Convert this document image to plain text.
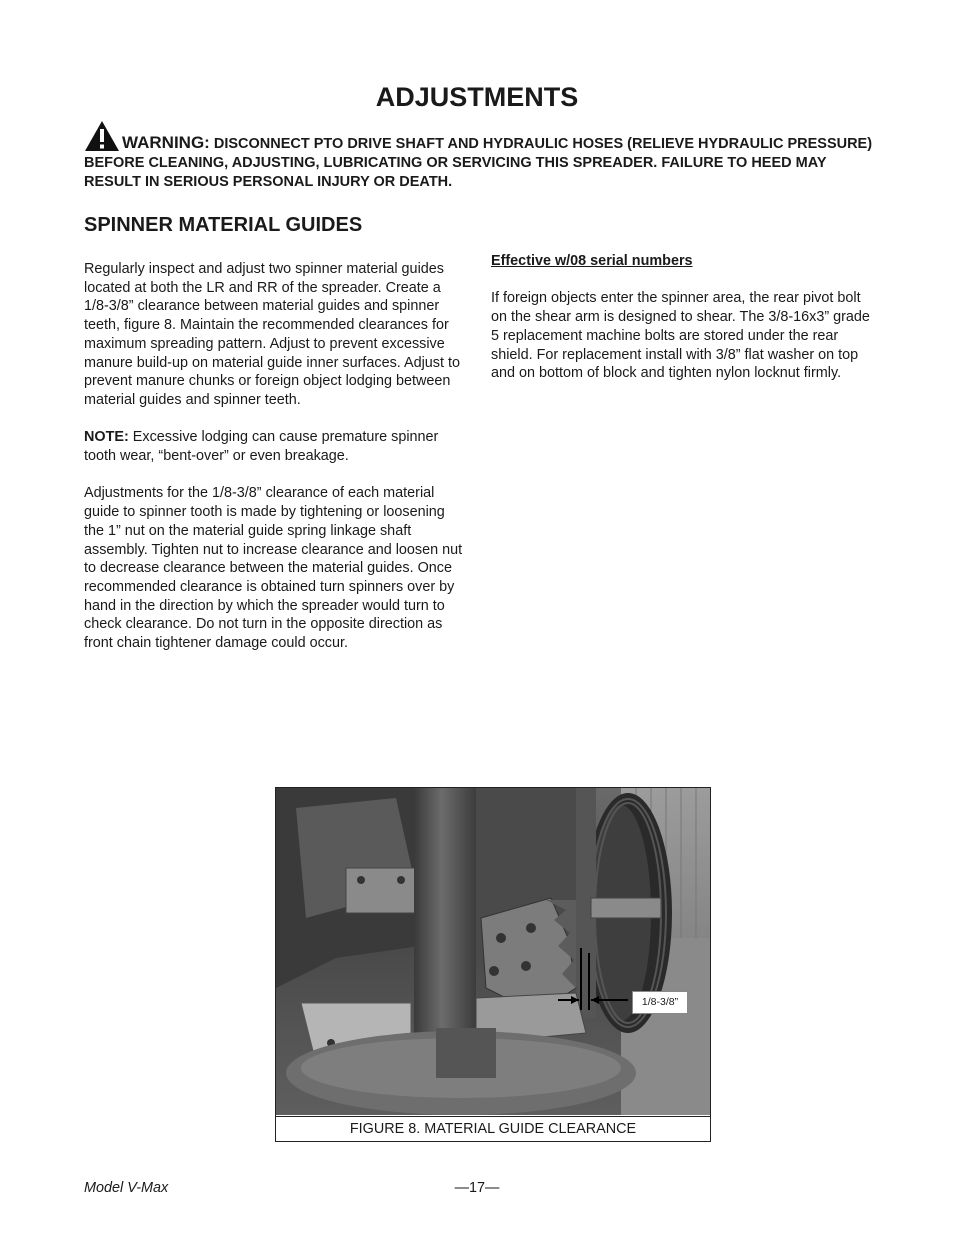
ADJUSTMENTS
WARNING: DISCONNECT PTO DRIVE SHAFT AND HYDRAULIC HOSES (RELIEVE HYDRAULIC PRESSURE) BEFORE CLEANING, ADJUSTING, LUBRICATING OR SERVICING THIS SPREADER. FAILURE TO HEED MAY RESULT IN SERIOUS PERSONAL INJURY OR DEATH.
SPINNER MATERIAL GUIDES

Regularly inspect and adjust two spinner material guides located at both the LR and RR of the spreader. Create a 1/8-3/8” clearance between material guides and spinner teeth, figure 8. Maintain the recommended clearances for maximum spreading pattern. Adjust to prevent excessive manure build-up on material guide inner surfaces. Adjust to prevent manure chunks or foreign object lodging between material guides and spinner teeth.

NOTE: Excessive lodging can cause premature spinner tooth wear, “bent-over” or even breakage.

Adjustments for the 1/8-3/8” clearance of each material guide to spinner tooth is made by tightening or loosening the 1” nut on the material guide spring linkage shaft assembly. Tighten nut to increase clearance and loosen nut to decrease clearance between the material guides. Once recommended clearance is obtained turn spinners over by hand in the direction by which the spreader would turn to check clearance. Do not turn in the opposite direction as front chain tightener damage could occur.

Effective w/08 serial numbers

If foreign objects enter the spinner area, the rear pivot bolt on the shear arm is designed to shear. The 3/8-16x3” grade 5 replacement machine bolts are stored under the rear shield. For replacement install with 3/8” flat washer on top and on bottom of block and tighten nylon locknut firmly.

1/8-3/8”
FIGURE 8. MATERIAL GUIDE CLEARANCE
Model V-Max	—17—
